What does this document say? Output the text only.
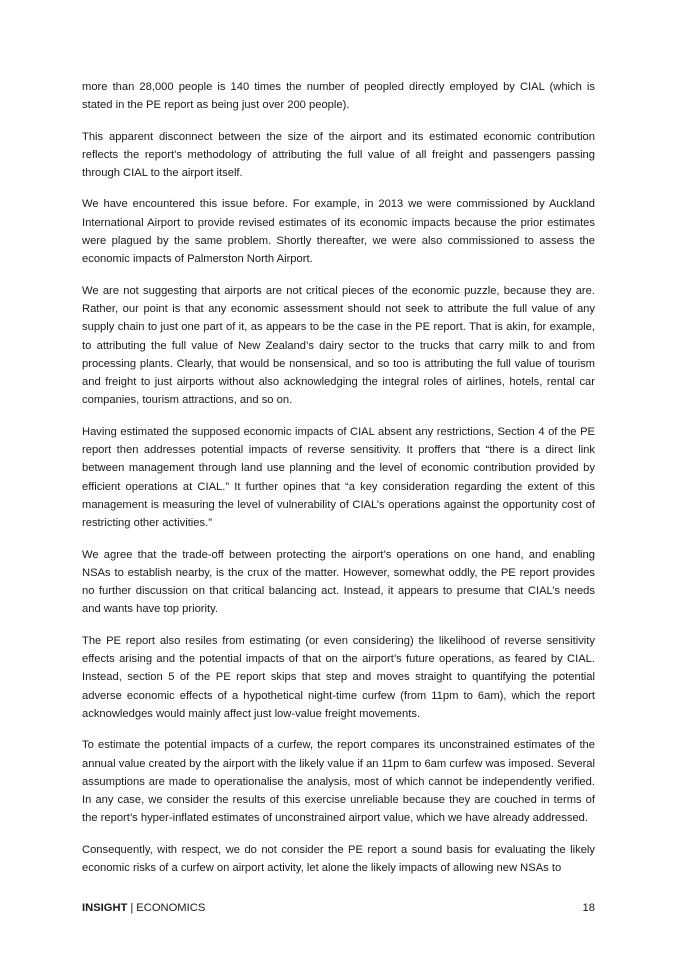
more than 28,000 people is 140 times the number of peopled directly employed by CIAL (which is stated in the PE report as being just over 200 people).

This apparent disconnect between the size of the airport and its estimated economic contribution reflects the report’s methodology of attributing the full value of all freight and passengers passing through CIAL to the airport itself.

We have encountered this issue before. For example, in 2013 we were commissioned by Auckland International Airport to provide revised estimates of its economic impacts because the prior estimates were plagued by the same problem. Shortly thereafter, we were also commissioned to assess the economic impacts of Palmerston North Airport.

We are not suggesting that airports are not critical pieces of the economic puzzle, because they are. Rather, our point is that any economic assessment should not seek to attribute the full value of any supply chain to just one part of it, as appears to be the case in the PE report. That is akin, for example, to attributing the full value of New Zealand’s dairy sector to the trucks that carry milk to and from processing plants. Clearly, that would be nonsensical, and so too is attributing the full value of tourism and freight to just airports without also acknowledging the integral roles of airlines, hotels, rental car companies, tourism attractions, and so on.

Having estimated the supposed economic impacts of CIAL absent any restrictions, Section 4 of the PE report then addresses potential impacts of reverse sensitivity. It proffers that “there is a direct link between management through land use planning and the level of economic contribution provided by efficient operations at CIAL.” It further opines that “a key consideration regarding the extent of this management is measuring the level of vulnerability of CIAL’s operations against the opportunity cost of restricting other activities.”

We agree that the trade-off between protecting the airport’s operations on one hand, and enabling NSAs to establish nearby, is the crux of the matter. However, somewhat oddly, the PE report provides no further discussion on that critical balancing act. Instead, it appears to presume that CIAL’s needs and wants have top priority.

The PE report also resiles from estimating (or even considering) the likelihood of reverse sensitivity effects arising and the potential impacts of that on the airport’s future operations, as feared by CIAL. Instead, section 5 of the PE report skips that step and moves straight to quantifying the potential adverse economic effects of a hypothetical night-time curfew (from 11pm to 6am), which the report acknowledges would mainly affect just low-value freight movements.

To estimate the potential impacts of a curfew, the report compares its unconstrained estimates of the annual value created by the airport with the likely value if an 11pm to 6am curfew was imposed. Several assumptions are made to operationalise the analysis, most of which cannot be independently verified. In any case, we consider the results of this exercise unreliable because they are couched in terms of the report’s hyper-inflated estimates of unconstrained airport value, which we have already addressed.

Consequently, with respect, we do not consider the PE report a sound basis for evaluating the likely economic risks of a curfew on airport activity, let alone the likely impacts of allowing new NSAs to

INSIGHT | ECONOMICS	18
